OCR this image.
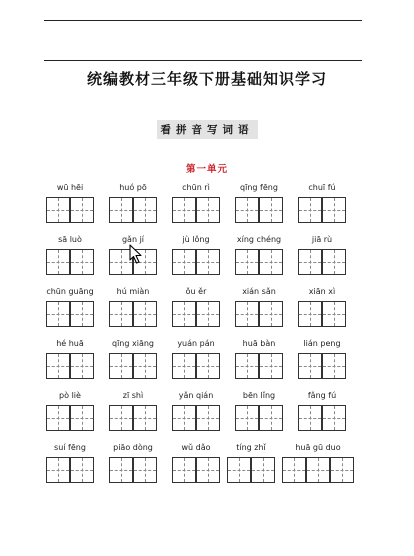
统编教材三年级下册基础知识学习
看拼音写词语
第一单元
wū hēi	huó pō	chūn rì	qīng fēng	chuī fú
sā luò	gǎn jí	jù lǒng	xíng chéng	jiā rù
chūn guāng	hú miàn	ǒu ěr	xián sǎn	xiān xì
hé huā	qīng xiāng	yuán pán	huā bàn	lián peng
pò liè	zī shì	yǎn qián	bēn lǐng	fǎng fú
suí fēng	piāo dòng	wǔ dǎo	tíng zhǐ	huā gū duo
